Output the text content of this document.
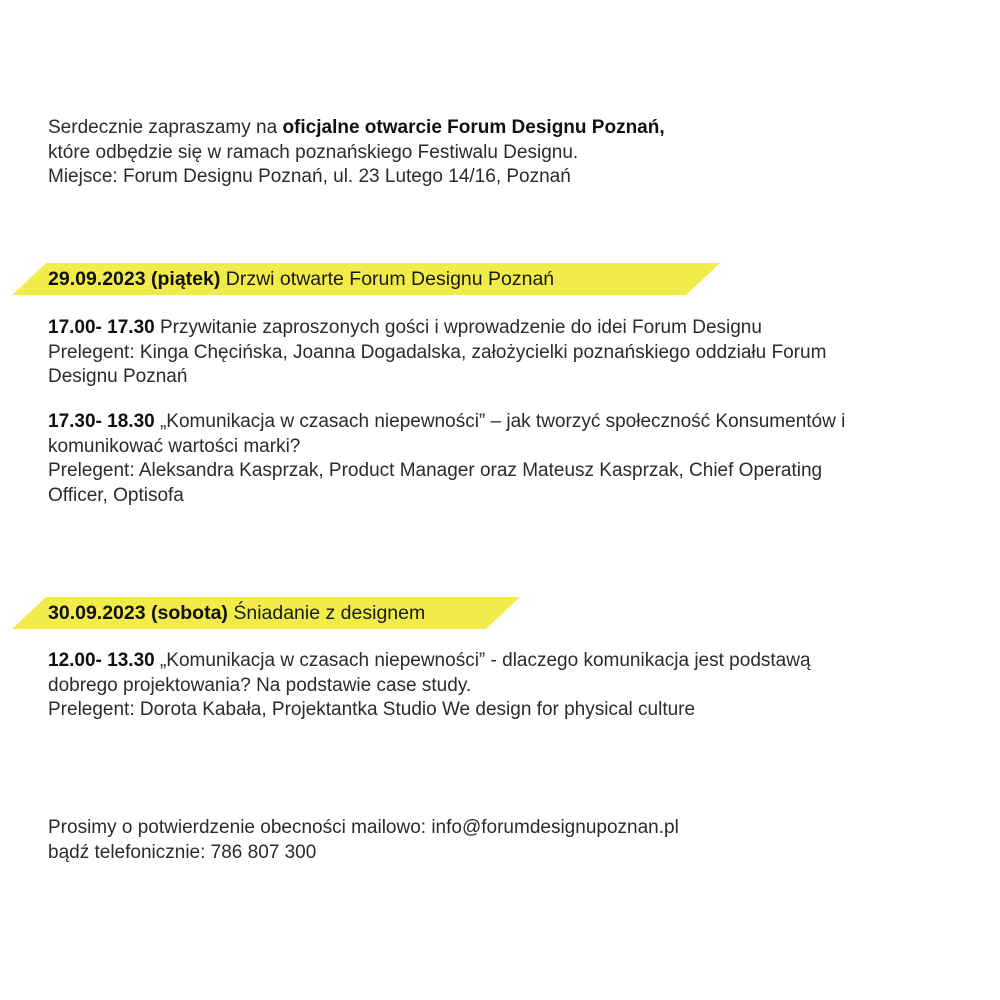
Serdecznie zapraszamy na oficjalne otwarcie Forum Designu Poznań,
które odbędzie się w ramach poznańskiego Festiwalu Designu.
Miejsce: Forum Designu Poznań, ul. 23 Lutego 14/16, Poznań
29.09.2023 (piątek) Drzwi otwarte Forum Designu Poznań
17.00- 17.30 Przywitanie zaproszonych gości i wprowadzenie do idei Forum Designu
Prelegent: Kinga Chęcińska, Joanna Dogadalska, założycielki poznańskiego oddziału Forum
Designu Poznań
17.30- 18.30 „Komunikacja w czasach niepewności” – jak tworzyć społeczność Konsumentów i
komunikować wartości marki?
Prelegent: Aleksandra Kasprzak, Product Manager oraz Mateusz Kasprzak, Chief Operating
Officer, Optisofa
30.09.2023 (sobota) Śniadanie z designem
12.00- 13.30 „Komunikacja w czasach niepewności” - dlaczego komunikacja jest podstawą
dobrego projektowania? Na podstawie case study.
Prelegent: Dorota Kabała, Projektantka Studio We design for physical culture
Prosimy o potwierdzenie obecności mailowo: info@forumdesignupoznan.pl
bądź telefonicznie: 786 807 300
